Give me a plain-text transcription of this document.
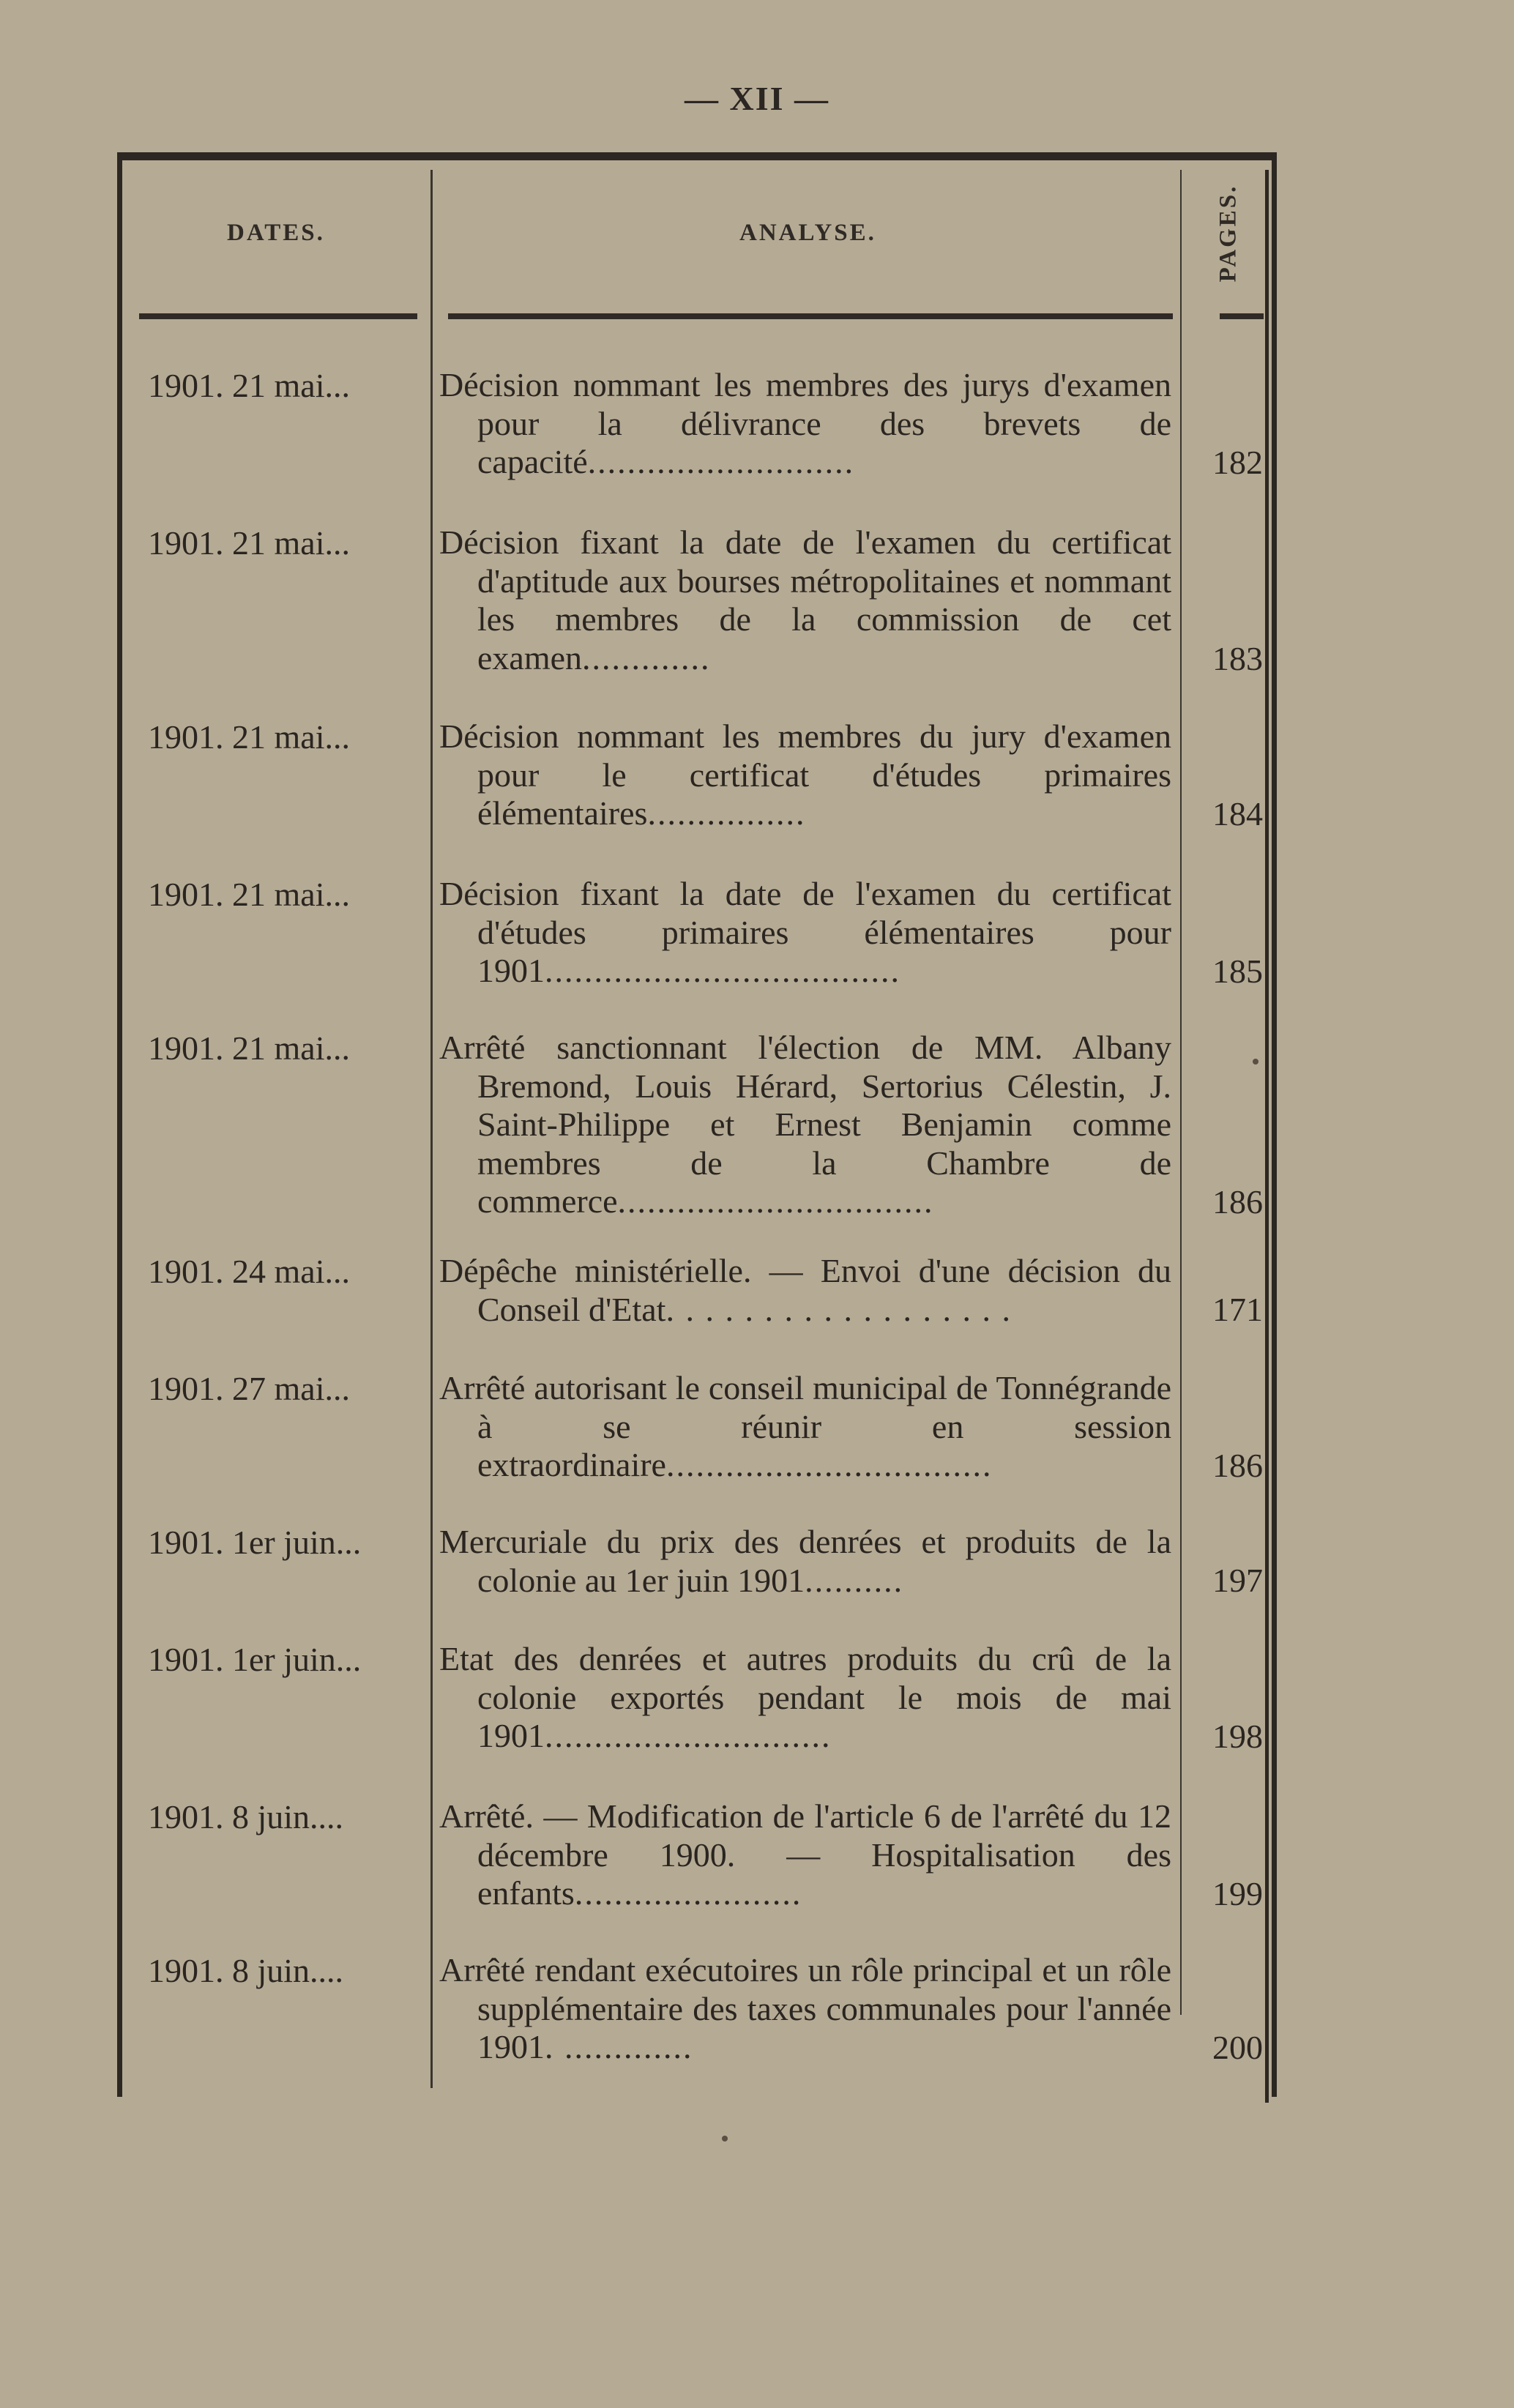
— XII —
DATES.	ANALYSE.	PAGES.
1901. 21 mai...	Décision nommant les membres des jurys d'examen pour la délivrance des brevets de capacité...........................	182
1901. 21 mai...	Décision fixant la date de l'examen du certificat d'aptitude aux bourses métropolitaines et nommant les membres de la commission de cet examen.............	183
1901. 21 mai...	Décision nommant les membres du jury d'examen pour le certificat d'études primaires élémentaires................	184
1901. 21 mai...	Décision fixant la date de l'examen du certificat d'études primaires élémentaires pour 1901....................................	185
1901. 21 mai...	Arrêté sanctionnant l'élection de MM. Albany Bremond, Louis Hérard, Sertorius Célestin, J. Saint-Philippe et Ernest Benjamin comme membres de la Chambre de commerce................................	186
1901. 24 mai...	Dépêche ministérielle. — Envoi d'une décision du Conseil d'Etat. . . . . . . . . . . . . . . . . .	171
1901. 27 mai...	Arrêté autorisant le conseil municipal de Tonnégrande à se réunir en session extraordinaire.................................	186
1901. 1er juin... Mercuriale du prix des denrées et produits de la colonie au 1er juin 1901..........	197
1901. 1er juin... Etat des denrées et autres produits du crû de la colonie exportés pendant le mois de mai 1901.............................	198
1901. 8 juin....	Arrêté. — Modification de l'article 6 de l'arrêté du 12 décembre 1900. — Hospitalisation des enfants.......................	199
1901. 8 juin....	Arrêté rendant exécutoires un rôle principal et un rôle supplémentaire des taxes communales pour l'année 1901. .............	200
